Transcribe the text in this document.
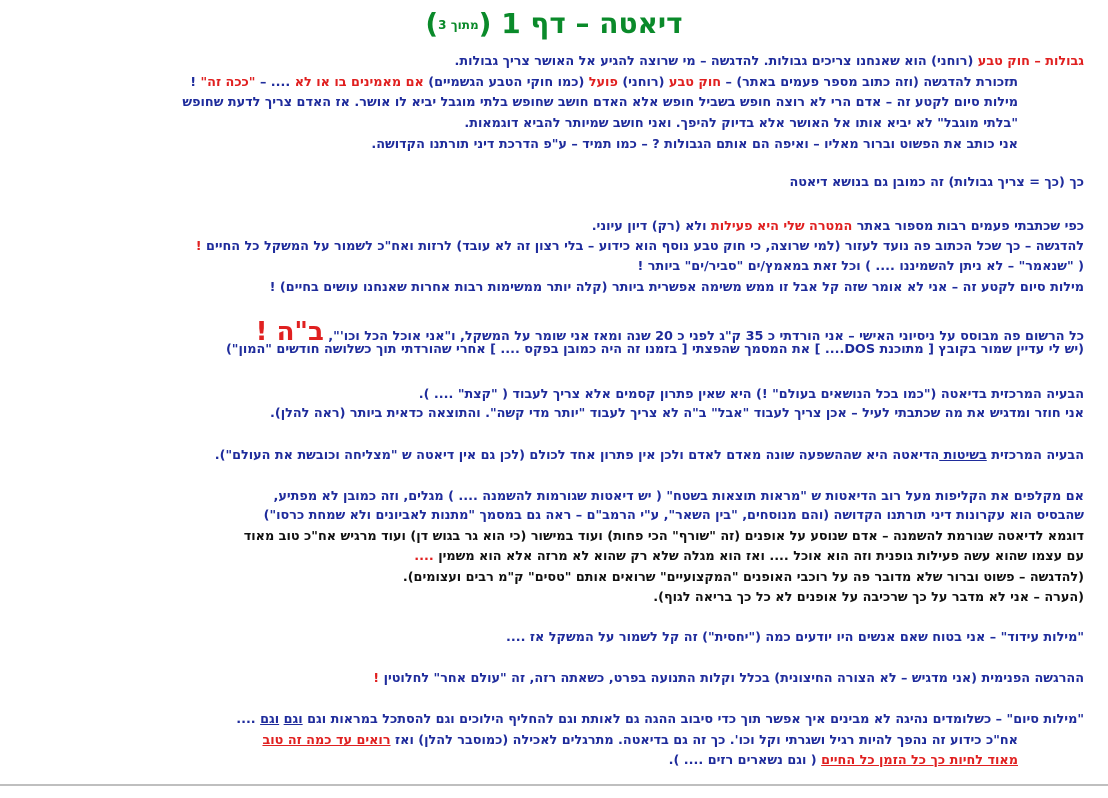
דיאטה – דף 1 (מתוך 3)
גבולות – חוק טבע (רוחני) הוא שאנחנו צריכים גבולות. להדגשה – מי שרוצה להגיע אל האושר צריך גבולות.
תזכורת להדגשה (וזה כתוב מספר פעמים באתר) – חוק טבע (רוחני) פועל (כמו חוקי הטבע הגשמיים) אם מאמינים בו או לא .... – "ככה זה" !
מילות סיום לקטע זה – אדם הרי לא רוצה חופש בשביל חופש אלא האדם חושב שחופש בלתי מוגבל יביא לו אושר. אז האדם צריך לדעת שחופש
"בלתי מוגבל" לא יביא אותו אל האושר אלא בדיוק להיפך. ואני חושב שמיותר להביא דוגמאות.
אני כותב את הפשוט וברור מאליו – ואיפה הם אותם הגבולות ? – כמו תמיד – ע"פ הדרכת דיני תורתנו הקדושה.
כך (כך = צריך גבולות) זה כמובן גם בנושא דיאטה
כפי שכתבתי פעמים רבות מספור באתר המטרה שלי היא פעילות ולא (רק) דיון עיוני.
להדגשה – כך שכל הכתוב פה נועד לעזור (למי שרוצה, כי חוק טבע נוסף הוא כידוע – בלי רצון זה לא עובד) לרזות ואח"כ לשמור על המשקל כל החיים !
( "שנאמר" – לא ניתן להשמיננו .... ) וכל זאת במאמץ/ים "סביר/ים" ביותר !
מילות סיום לקטע זה – אני לא אומר שזה קל אבל זו ממש משימה אפשרית ביותר (קלה יותר ממשימות רבות אחרות שאנחנו עושים בחיים) !
כל הרשום פה מבוסס על ניסיוני האישי – אני הורדתי כ 35 ק"ג לפני כ 20 שנה ומאז אני שומר על המשקל, ו"אני אוכל הכל וכו'", ב"ה !
(יש לי עדיין שמור בקובץ [ מתוכנת DOS.... ] את המסמך שהפצתי [ בזמנו זה היה כמובן בפקס .... ] אחרי שהורדתי תוך כשלושה חודשים "המון")
הבעיה המרכזית בדיאטה ("כמו בכל הנושאים בעולם" !) היא שאין פתרון קסמים אלא צריך לעבוד ( "קצת" .... ).
אני חוזר ומדגיש את מה שכתבתי לעיל – אכן צריך לעבוד "אבל" ב"ה לא צריך לעבוד "יותר מדי קשה". והתוצאה כדאית ביותר (ראה להלן).
הבעיה המרכזית בשיטות הדיאטה היא שההשפעה שונה מאדם לאדם ולכן אין פתרון אחד לכולם (לכן גם אין דיאטה ש "מצליחה וכובשת את העולם").
אם מקלפים את הקליפות מעל רוב הדיאטות ש "מראות תוצאות בשטח" ( יש דיאטות שגורמות להשמנה .... ) מגלים, וזה כמובן לא מפתיע,
שהבסיס הוא עקרונות דיני תורתנו הקדושה (והם מנוסחים, "בין השאר", ע"י הרמב"ם – ראה גם במסמך "מתנות לאביונים ולא שמחת כרסו")
דוגמא לדיאטה שגורמת להשמנה – אדם שנוסע על אופנים (זה "שורף" הכי פחות) ועוד במישור (כי הוא גר בגוש דן) ועוד מרגיש אח"כ טוב מאוד
עם עצמו שהוא עשה פעילות גופנית וזה הוא אוכל .... ואז הוא מגלה שלא רק שהוא לא מרזה אלא הוא משמין ....
(להדגשה – פשוט וברור שלא מדובר פה על רוכבי האופנים "המקצועיים" שרואים אותם "טסים" ק"מ רבים ועצומים).
(הערה – אני לא מדבר על כך שרכיבה על אופנים לא כל כך בריאה לגוף).
"מילות עידוד" – אני בטוח שאם אנשים היו יודעים כמה ("יחסית") זה קל לשמור על המשקל אז ....
ההרגשה הפנימית (אני מדגיש – לא הצורה החיצונית) בכלל וקלות התנועה בפרט, כשאתה רזה, זה "עולם אחר" לחלוטין !
"מילות סיום" – כשלומדים נהיגה לא מבינים איך אפשר תוך כדי סיבוב ההגה גם לאותת וגם להחליף הילוכים וגם להסתכל במראות וגם וגם וגם ....
אח"כ כידוע זה נהפך להיות רגיל ושגרתי וקל וכו'. כך זה גם בדיאטה. מתרגלים לאכילה (כמוסבר להלן) ואז רואים עד כמה זה טוב
מאוד לחיות כך כל הזמן כל החיים ( וגם נשארים רזים .... ).
